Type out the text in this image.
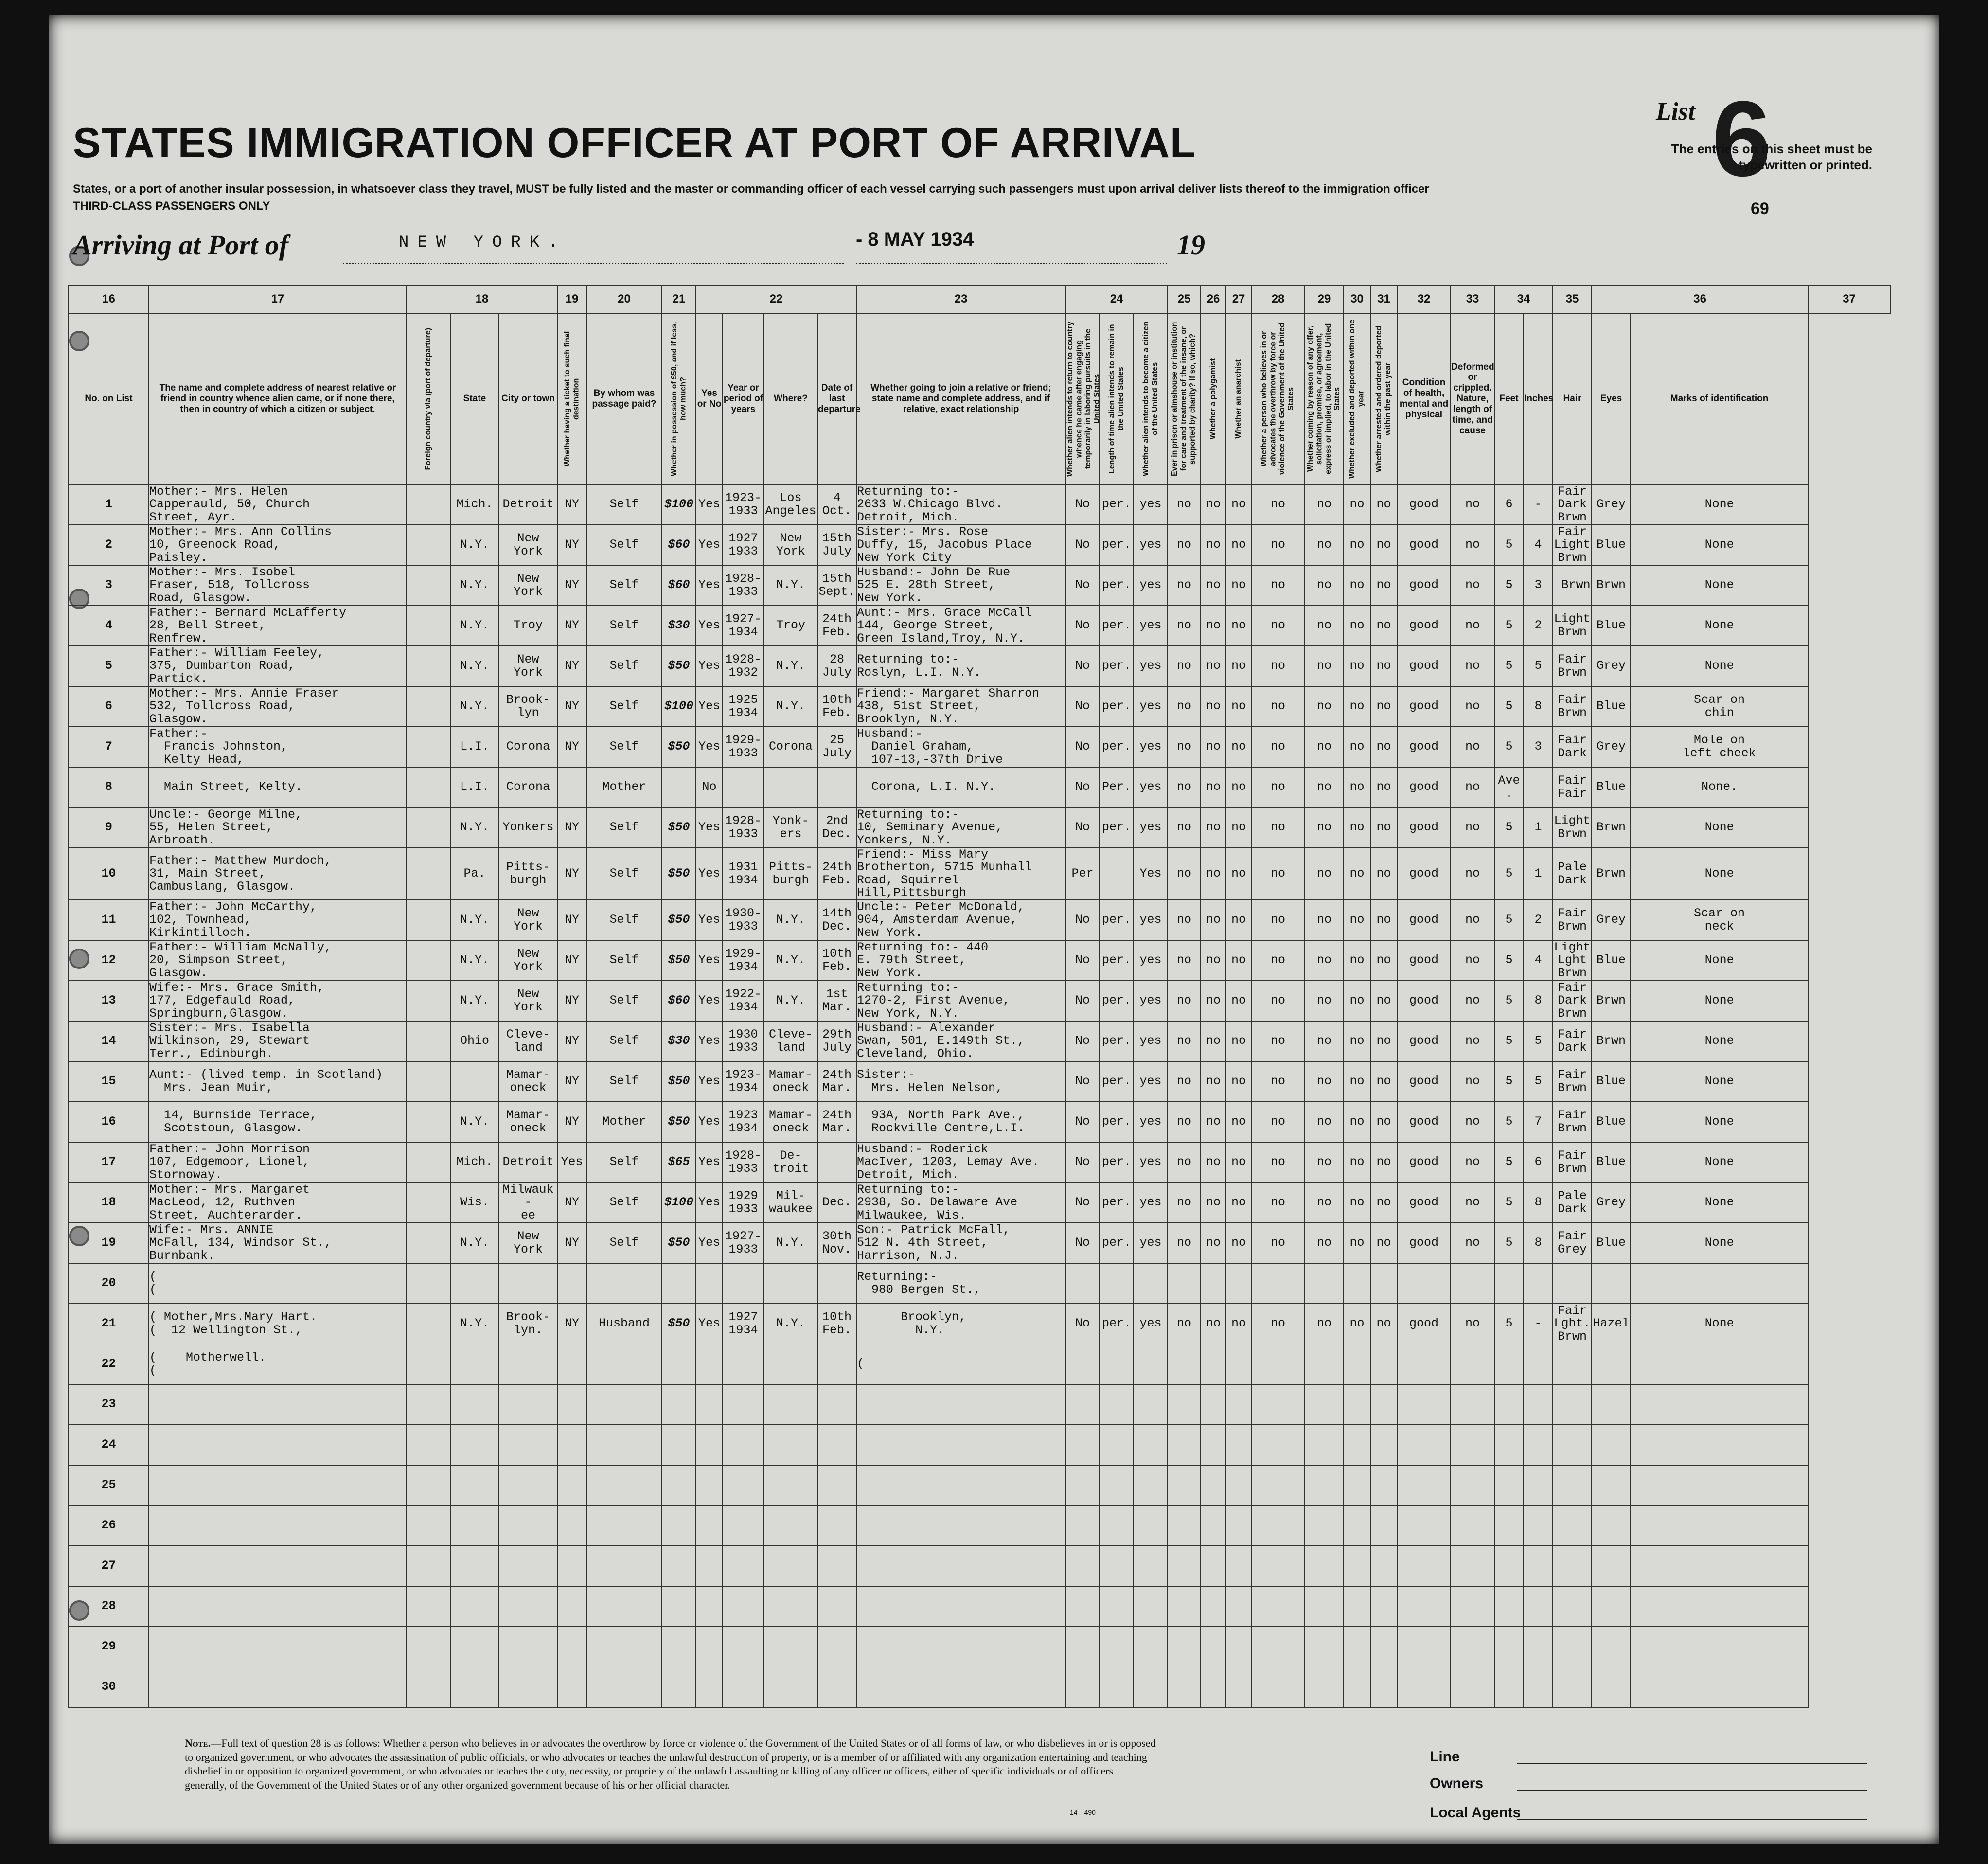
STATES IMMIGRATION OFFICER AT PORT OF ARRIVAL
States, or a port of another insular possession, in whatsoever class they travel, MUST be fully listed and the master or commanding officer of each vessel carrying such passengers must upon arrival deliver lists thereof to the immigration officer
THIRD-CLASS PASSENGERS ONLY
List 6
The entries on this sheet must be typewritten or printed.
69
Arriving at Port of	NEW YORK.	- 8 MAY 1934	19
16	17	18			19	20	21	22				23	24			25	26	27	28	29	30	31	32	33	34		35	36		37
No. on List	The name and complete address of nearest relative or friend in country whence alien came, or if none there, then in country of which a citizen or subject.	Foreign country via (port of departure)	State	City or town	Whether having a ticket to such final destination	By whom was passage paid?	Whether in possession of $50, and if less, how much?	Yes or No	Year or period of years	Where?	Date of last departure	Whether going to join a relative or friend; state name and complete address, and if relative, exact relationship	Whether alien intends to return to country whence he came after engaging temporarily in laboring pursuits in the United States	Length of time alien intends to remain in the United States	Whether alien intends to become a citizen of the United States	Ever in prison or almshouse or institution for care and treatment of the insane, or supported by charity? If so, which?	Whether a polygamist	Whether an anarchist	Whether a person who believes in or advocates the overthrow by force or violence of the Government of the United States	Whether coming by reason of any offer, solicitation, promise, or agreement, express or implied, to labor in the United States	Whether excluded and deported within one year	Whether arrested and ordered deported within the past year	Condition of health, mental and physical	Deformed or crippled. Nature, length of time, and cause	Feet	Inches	Hair	Eyes	Marks of identification	
1	Mother:- Mrs. Helen
Capperauld, 50, Church
Street, Ayr.		Mich.	Detroit	NY	Self	$100	Yes	1923-
1933	Los
Angeles	4
Oct.	Returning to:-
2633 W.Chicago Blvd.
Detroit, Mich.	No	per.	yes	no	no	no	no	no	no	no	good	no	6	-	Fair Dark
Brwn	Grey	None	
2	Mother:- Mrs. Ann Collins
10, Greenock Road,
Paisley.		N.Y.	New
York	NY	Self	$60	Yes	1927
1933	New
York	15th
July	Sister:- Mrs. Rose
Duffy, 15, Jacobus Place
New York City	No	per.	yes	no	no	no	no	no	no	no	good	no	5	4	Fair Light
Brwn	Blue	None	
3	Mother:- Mrs. Isobel
Fraser, 518, Tollcross
Road, Glasgow.		N.Y.	New
York	NY	Self	$60	Yes	1928-
1933	N.Y.	15th
Sept.	Husband:- John De Rue
525 E. 28th Street,
New York.	No	per.	yes	no	no	no	no	no	no	no	good	no	5	3	Brwn	Brwn	None	
4	Father:- Bernard McLafferty
28, Bell Street,
Renfrew.		N.Y.	Troy	NY	Self	$30	Yes	1927-
1934	Troy	24th
Feb.	Aunt:- Mrs. Grace McCall
144, George Street,
Green Island,Troy, N.Y.	No	per.	yes	no	no	no	no	no	no	no	good	no	5	2	Light Brwn	Blue	None	
5	Father:- William Feeley,
375, Dumbarton Road,
Partick.		N.Y.	New
York	NY	Self	$50	Yes	1928-
1932	N.Y.	28
July	Returning to:-
Roslyn, L.I. N.Y.	No	per.	yes	no	no	no	no	no	no	no	good	no	5	5	Fair Brwn	Grey	None	
6	Mother:- Mrs. Annie Fraser
532, Tollcross Road,
Glasgow.		N.Y.	Brook-
lyn	NY	Self	$100	Yes	1925
1934	N.Y.	10th
Feb.	Friend:- Margaret Sharron
438, 51st Street,
Brooklyn, N.Y.	No	per.	yes	no	no	no	no	no	no	no	good	no	5	8	Fair Brwn	Blue	Scar on
chin	
7	Father:-
Francis Johnston,
Kelty Head,		L.I.	Corona	NY	Self	$50	Yes	1929-
1933	Corona	25
July	Husband:-
Daniel Graham,
107-13,-37th Drive	No	per.	yes	no	no	no	no	no	no	no	good	no	5	3	Fair Dark	Grey	Mole on
left cheek	
8	Main Street, Kelty.		L.I.	Corona		Mother		No				Corona, L.I. N.Y.	No	Per.	yes	no	no	no	no	no	no	no	good	no	Ave.		Fair Fair	Blue	None.	
9	Uncle:- George Milne,
55, Helen Street,
Arbroath.		N.Y.	Yonkers	NY	Self	$50	Yes	1928-
1933	Yonk-
ers	2nd
Dec.	Returning to:-
10, Seminary Avenue,
Yonkers, N.Y.	No	per.	yes	no	no	no	no	no	no	no	good	no	5	1	Light Brwn	Brwn	None	
10	Father:- Matthew Murdoch,
31, Main Street,
Cambuslang, Glasgow.		Pa.	Pitts-
burgh	NY	Self	$50	Yes	1931
1934	Pitts-
burgh	24th
Feb.	Friend:- Miss Mary
Brotherton, 5715 Munhall
Road, Squirrel Hill,Pittsburgh	Per		Yes	no	no	no	no	no	no	no	good	no	5	1	Pale Dark	Brwn	None	
11	Father:- John McCarthy,
102, Townhead,
Kirkintilloch.		N.Y.	New
York	NY	Self	$50	Yes	1930-
1933	N.Y.	14th
Dec.	Uncle:- Peter McDonald,
904, Amsterdam Avenue,
New York.	No	per.	yes	no	no	no	no	no	no	no	good	no	5	2	Fair Brwn	Grey	Scar on
neck	
12	Father:- William McNally,
20, Simpson Street,
Glasgow.		N.Y.	New
York	NY	Self	$50	Yes	1929-
1934	N.Y.	10th
Feb.	Returning to:- 440
E. 79th Street,
New York.	No	per.	yes	no	no	no	no	no	no	no	good	no	5	4	Light Lght
Brwn	Blue	None	
13	Wife:- Mrs. Grace Smith,
177, Edgefauld Road,
Springburn,Glasgow.		N.Y.	New
York	NY	Self	$60	Yes	1922-
1934	N.Y.	1st
Mar.	Returning to:-
1270-2, First Avenue,
New York, N.Y.	No	per.	yes	no	no	no	no	no	no	no	good	no	5	8	Fair Dark
Brwn	Brwn	None	
14	Sister:- Mrs. Isabella
Wilkinson, 29, Stewart
Terr., Edinburgh.		Ohio	Cleve-
land	NY	Self	$30	Yes	1930
1933	Cleve-
land	29th
July	Husband:- Alexander
Swan, 501, E.149th St.,
Cleveland, Ohio.	No	per.	yes	no	no	no	no	no	no	no	good	no	5	5	Fair Dark	Brwn	None	
15	Aunt:- (lived temp. in Scotland)
Mrs. Jean Muir,			Mamar-
oneck	NY	Self	$50	Yes	1923-
1934	Mamar-
oneck	24th
Mar.	Sister:-
Mrs. Helen Nelson,	No	per.	yes	no	no	no	no	no	no	no	good	no	5	5	Fair Brwn	Blue	None	
16	14, Burnside Terrace,
Scotstoun, Glasgow.		N.Y.	Mamar-
oneck	NY	Mother	$50	Yes	1923
1934	Mamar-
oneck	24th
Mar.	93A, North Park Ave.,
Rockville Centre,L.I.	No	per.	yes	no	no	no	no	no	no	no	good	no	5	7	Fair Brwn	Blue	None	
17	Father:- John Morrison
107, Edgemoor, Lionel,
Stornoway.		Mich.	Detroit	Yes	Self	$65	Yes	1928-
1933	De-
troit		Husband:- Roderick
MacIver, 1203, Lemay Ave.
Detroit, Mich.	No	per.	yes	no	no	no	no	no	no	no	good	no	5	6	Fair Brwn	Blue	None	
18	Mother:- Mrs. Margaret
MacLeod, 12, Ruthven
Street, Auchterarder.		Wis.	Milwauk-
ee	NY	Self	$100	Yes	1929
1933	Mil-
waukee	Dec.	Returning to:-
2938, So. Delaware Ave
Milwaukee, Wis.	No	per.	yes	no	no	no	no	no	no	no	good	no	5	8	Pale Dark	Grey	None	
19	Wife:- Mrs. ANNIE
McFall, 134, Windsor St.,
Burnbank.		N.Y.	New
York	NY	Self	$50	Yes	1927-
1933	N.Y.	30th
Nov.	Son:- Patrick McFall,
512 N. 4th Street,
Harrison, N.J.	No	per.	yes	no	no	no	no	no	no	no	good	no	5	8	Fair Grey	Blue	None	
20	(
(											Returning:-
980 Bergen St.,																		
21	( Mother,Mrs.Mary Hart.
(  12 Wellington St.,		N.Y.	Brook-
lyn.	NY	Husband	$50	Yes	1927
1934	N.Y.	10th
Feb.	Brooklyn,
N.Y.	No	per.	yes	no	no	no	no	no	no	no	good	no	5	-	Fair Lght.
Brwn	Hazel	None	
22	(    Motherwell.
(											(																		
23																														
24																														
25																														
26																														
27																														
28																														
29																														
30																														
Note.—Full text of question 28 is as follows: Whether a person who believes in or advocates the overthrow by force or violence of the Government of the United States or of all forms of law, or who disbelieves in or is opposed to organized government, or who advocates the assassination of public officials, or who advocates or teaches the unlawful destruction of property, or is a member of or affiliated with any organization entertaining and teaching disbelief in or opposition to organized government, or who advocates or teaches the duty, necessity, or propriety of the unlawful assaulting or killing of any officer or officers, either of specific individuals or of officers generally, of the Government of the United States or of any other organized government because of his or her official character.
14—490
Line
Owners
Local Agents
